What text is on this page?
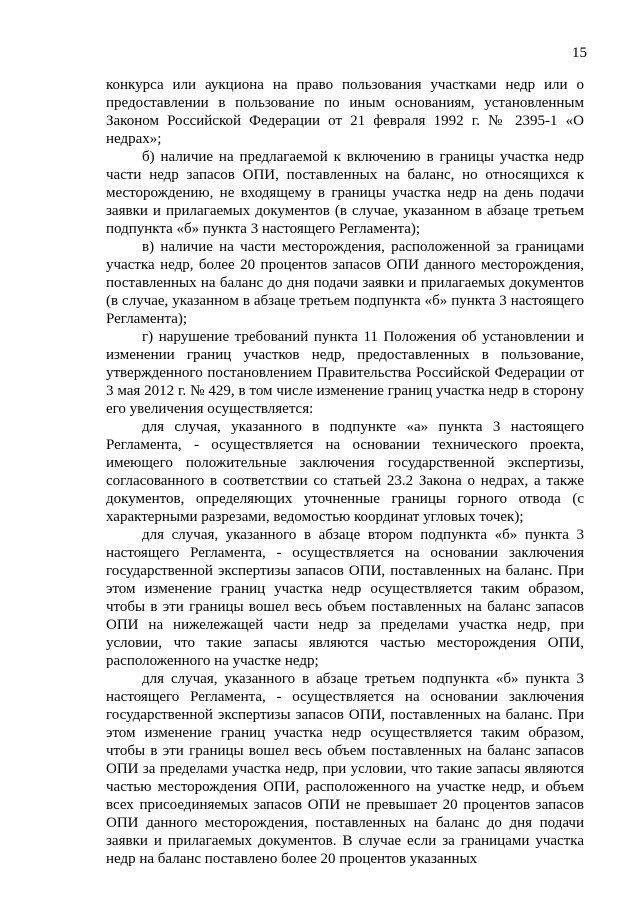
15

конкурса или аукциона на право пользования участками недр или о предоставлении в пользование по иным основаниям, установленным Законом Российской Федерации от 21 февраля 1992 г. № 2395-1 «О недрах»;

б) наличие на предлагаемой к включению в границы участка недр части недр запасов ОПИ, поставленных на баланс, но относящихся к месторождению, не входящему в границы участка недр на день подачи заявки и прилагаемых документов (в случае, указанном в абзаце третьем подпункта «б» пункта 3 настоящего Регламента);

в) наличие на части месторождения, расположенной за границами участка недр, более 20 процентов запасов ОПИ данного месторождения, поставленных на баланс до дня подачи заявки и прилагаемых документов (в случае, указанном в абзаце третьем подпункта «б» пункта 3 настоящего Регламента);

г) нарушение требований пункта 11 Положения об установлении и изменении границ участков недр, предоставленных в пользование, утвержденного постановлением Правительства Российской Федерации от 3 мая 2012 г. № 429, в том числе изменение границ участка недр в сторону его увеличения осуществляется:

для случая, указанного в подпункте «а» пункта 3 настоящего Регламента, - осуществляется на основании технического проекта, имеющего положительные заключения государственной экспертизы, согласованного в соответствии со статьей 23.2 Закона о недрах, а также документов, определяющих уточненные границы горного отвода (с характерными разрезами, ведомостью координат угловых точек);

для случая, указанного в абзаце втором подпункта «б» пункта 3 настоящего Регламента, - осуществляется на основании заключения государственной экспертизы запасов ОПИ, поставленных на баланс. При этом изменение границ участка недр осуществляется таким образом, чтобы в эти границы вошел весь объем поставленных на баланс запасов ОПИ на нижележащей части недр за пределами участка недр, при условии, что такие запасы являются частью месторождения ОПИ, расположенного на участке недр;

для случая, указанного в абзаце третьем подпункта «б» пункта 3 настоящего Регламента, - осуществляется на основании заключения государственной экспертизы запасов ОПИ, поставленных на баланс. При этом изменение границ участка недр осуществляется таким образом, чтобы в эти границы вошел весь объем поставленных на баланс запасов ОПИ за пределами участка недр, при условии, что такие запасы являются частью месторождения ОПИ, расположенного на участке недр, и объем всех присоединяемых запасов ОПИ не превышает 20 процентов запасов ОПИ данного месторождения, поставленных на баланс до дня подачи заявки и прилагаемых документов. В случае если за границами участка недр на баланс поставлено более 20 процентов указанных
